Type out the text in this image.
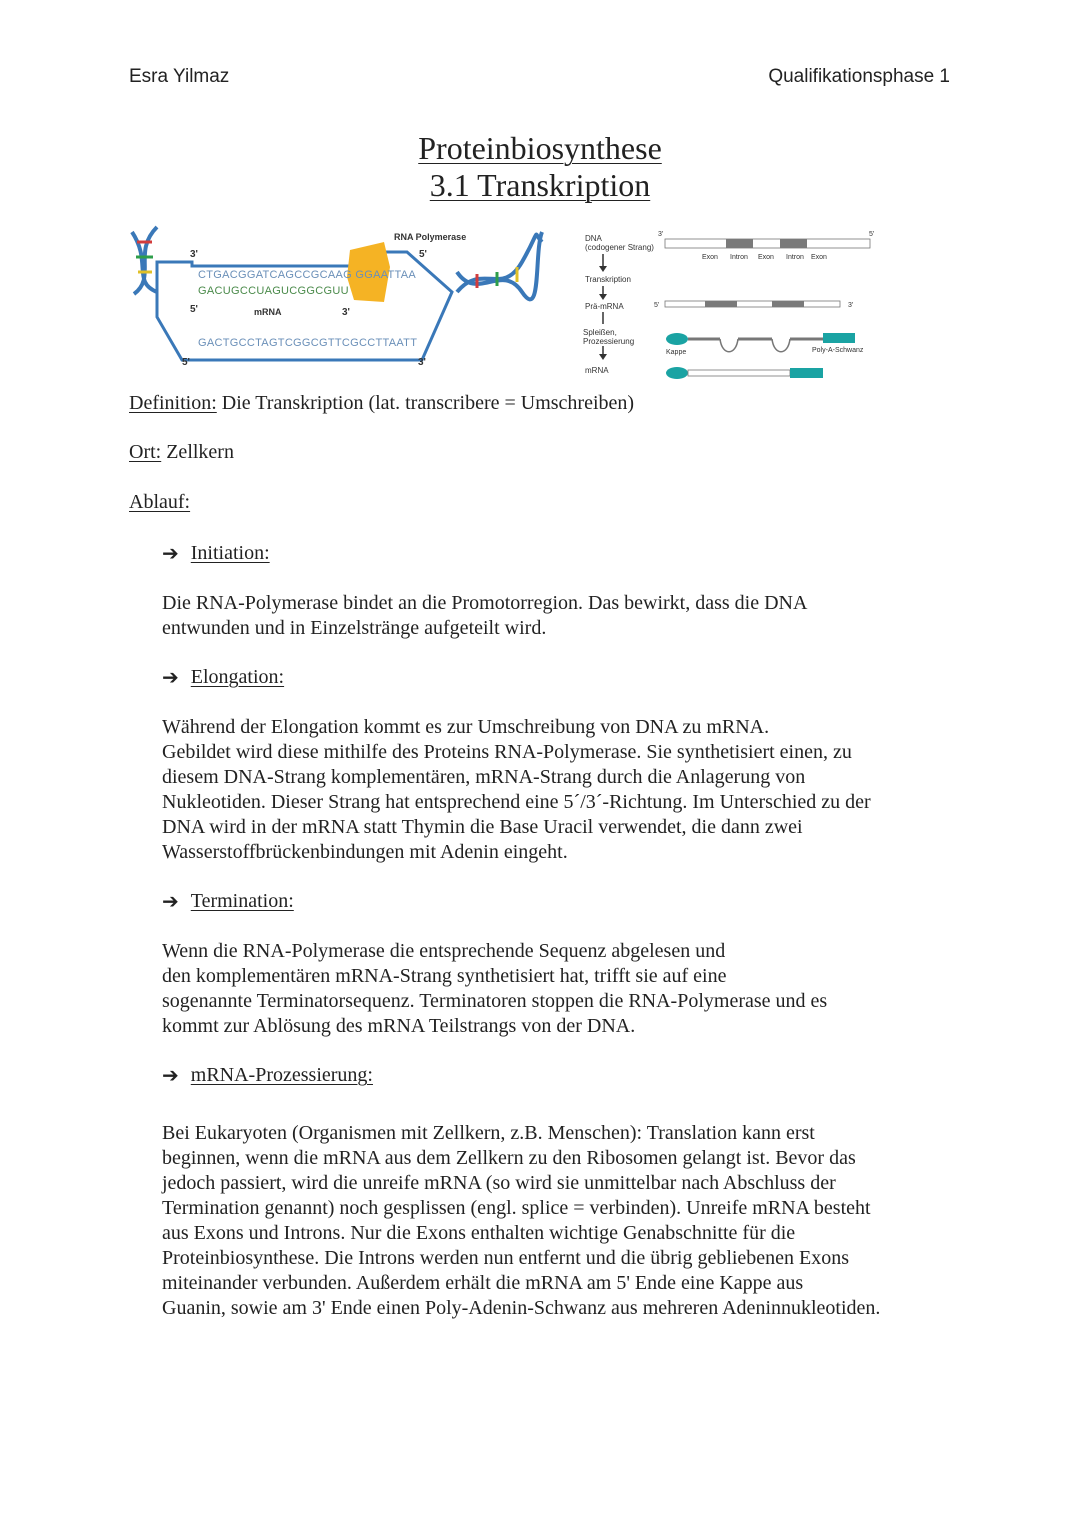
Esra Yilmaz	Qualifikationsphase 1
Proteinbiosynthese
3.1 Transkription
RNA Polymerase
5'
3'
CTGACGGATCAGCCGCAAG GGAATTAA
GACUGCCUAGUCGGCGUU
5'	mRNA	3'
GACTGCCTAGTCGGCGTTCGCCTTAATT
5'	3'
DNA
(codogener Strang)
3'	5'
Exon Intron Exon Intron Exon
Transkription
Prä-mRNA	5'	3'
Spleißen,
Prozessierung
mRNA
Kappe	Poly-A-Schwanz
Definition: Die Transkription (lat. transcribere = Umschreiben)
Ort: Zellkern
Ablauf:
➔ Initiation:

Die RNA-Polymerase bindet an die Promotorregion. Das bewirkt, dass die DNA
entwunden und in Einzelstränge aufgeteilt wird.

➔ Elongation:

Während der Elongation kommt es zur Umschreibung von DNA zu mRNA.
Gebildet wird diese mithilfe des Proteins RNA-Polymerase. Sie synthetisiert einen, zu
diesem DNA-Strang komplementären, mRNA-Strang durch die Anlagerung von
Nukleotiden. Dieser Strang hat entsprechend eine 5´/3´-Richtung. Im Unterschied zu der
DNA wird in der mRNA statt Thymin die Base Uracil verwendet, die dann zwei
Wasserstoffbrückenbindungen mit Adenin eingeht.

➔ Termination:

Wenn die RNA-Polymerase die entsprechende Sequenz abgelesen und
den komplementären mRNA-Strang synthetisiert hat, trifft sie auf eine
sogenannte Terminatorsequenz. Terminatoren stoppen die RNA-Polymerase und es
kommt zur Ablösung des mRNA Teilstrangs von der DNA.

➔ mRNA-Prozessierung:

Bei Eukaryoten (Organismen mit Zellkern, z.B. Menschen): Translation kann erst
beginnen, wenn die mRNA aus dem Zellkern zu den Ribosomen gelangt ist. Bevor das
jedoch passiert, wird die unreife mRNA (so wird sie unmittelbar nach Abschluss der
Termination genannt) noch gesplissen (engl. splice = verbinden). Unreife mRNA besteht
aus Exons und Introns. Nur die Exons enthalten wichtige Genabschnitte für die
Proteinbiosynthese. Die Introns werden nun entfernt und die übrig gebliebenen Exons
miteinander verbunden. Außerdem erhält die mRNA am 5' Ende eine Kappe aus
Guanin, sowie am 3' Ende einen Poly-Adenin-Schwanz aus mehreren Adeninnukleotiden.
